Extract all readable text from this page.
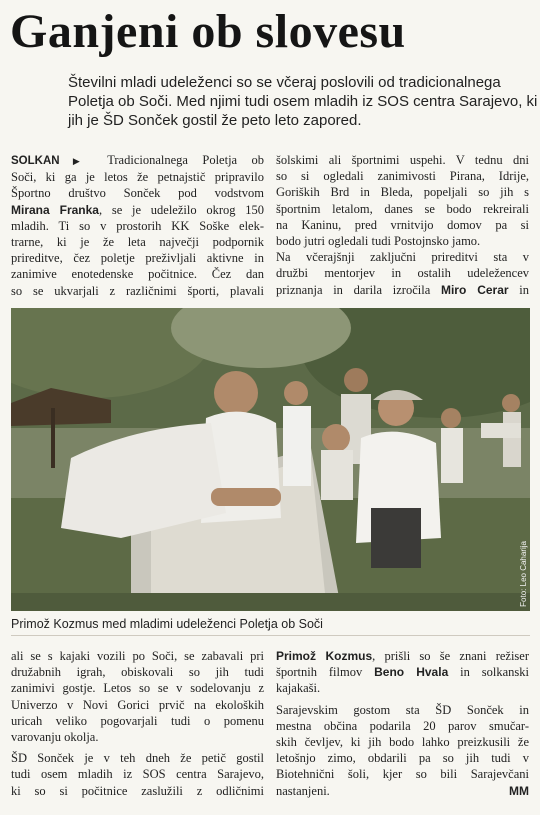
Ganjeni ob slovesu
Številni mladi udeleženci so se včeraj poslovili od tradicionalnega
Poletja ob Soči. Med njimi tudi osem mladih iz SOS centra Sarajevo, ki
jih je ŠD Sonček gostil že peto leto zapored.
SOLKAN ▶ Tradicionalnega Poletja ob
Soči, ki ga je letos že petnajstič pripravilo
Športno društvo Sonček pod vodstvom
Mirana Franka, se je udeležilo okrog 150
mladih. Ti so v prostorih KK Soške elek-
trarne, ki je že leta največji podpornik
prireditve, čez poletje preživljali aktivne in
zanimive enotedenske počitnice. Čez dan
so se ukvarjali z različnimi športi, plavali
šolskimi ali športnimi uspehi. V tednu dni
so si ogledali zanimivosti Pirana, Idrije,
Goriških Brd in Bleda, popeljali so jih s
športnim letalom, danes se bodo rekreirali
na Kaninu, pred vrnitvijo domov pa si
bodo jutri ogledali tudi Postojnsko jamo.
Na včerajšnji zaključni prireditvi sta v
družbi mentorjev in ostalih udeležencev
priznanja in darila izročila Miro Cerar in
Foto: Leo Caharija
Primož Kozmus med mladimi udeleženci Poletja ob Soči
ali se s kajaki vozili po Soči, se zabavali pri
družabnih igrah, obiskovali so jih tudi
zanimivi gostje. Letos so se v sodelovanju z
Univerzo v Novi Gorici prvič na ekoloških
uricah veliko pogovarjali tudi o pomenu
varovanju okolja.
ŠD Sonček je v teh dneh že petič gostil
tudi osem mladih iz SOS centra Sarajevo,
ki so si počitnice zaslužili z odličnimi
Primož Kozmus, prišli so še znani režiser
športnih filmov Beno Hvala in solkanski
kajakaši.
Sarajevskim gostom sta ŠD Sonček in
mestna občina podarila 20 parov smučar-
skih čevljev, ki jih bodo lahko preizkusili že
letošnjo zimo, obdarili pa so jih tudi v
Biotehnični šoli, kjer so bili Sarajevčani
nastanjeni.	MM
